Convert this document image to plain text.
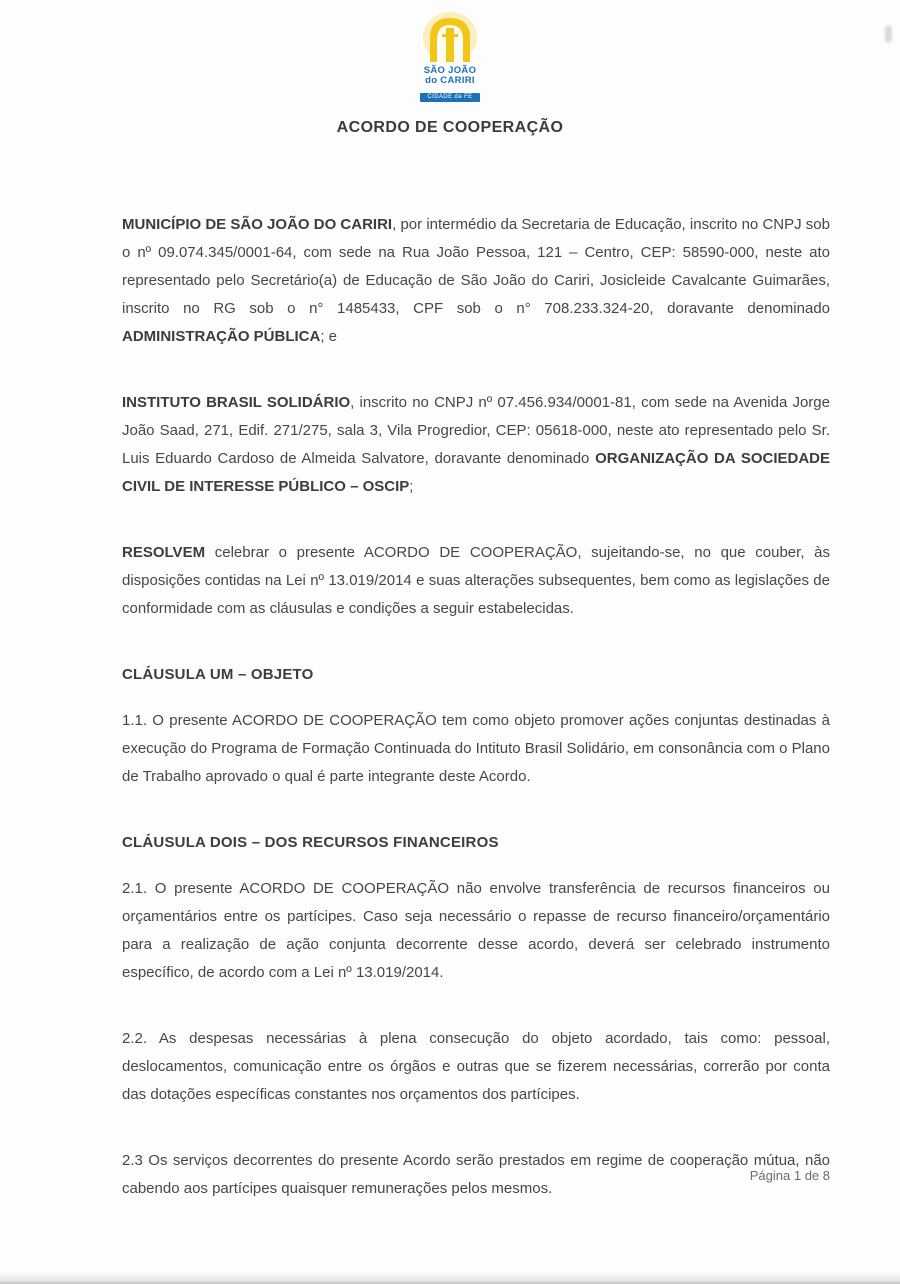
SÃO JOÃO
do CARIRI
CIDADE da FÉ
ACORDO DE COOPERAÇÃO

MUNICÍPIO DE SÃO JOÃO DO CARIRI, por intermédio da Secretaria de Educação, inscrito no CNPJ sob o nº 09.074.345/0001-64, com sede na Rua João Pessoa, 121 – Centro, CEP: 58590-000, neste ato representado pelo Secretário(a) de Educação de São João do Cariri, Josicleide Cavalcante Guimarães, inscrito no RG sob o n° 1485433, CPF sob o n° 708.233.324-20, doravante denominado ADMINISTRAÇÃO PÚBLICA; e

INSTITUTO BRASIL SOLIDÁRIO, inscrito no CNPJ nº 07.456.934/0001-81, com sede na Avenida Jorge João Saad, 271, Edif. 271/275, sala 3, Vila Progredior, CEP: 05618-000, neste ato representado pelo Sr. Luis Eduardo Cardoso de Almeida Salvatore, doravante denominado ORGANIZAÇÃO DA SOCIEDADE CIVIL DE INTERESSE PÚBLICO – OSCIP;

RESOLVEM celebrar o presente ACORDO DE COOPERAÇÃO, sujeitando-se, no que couber, às disposições contidas na Lei nº 13.019/2014 e suas alterações subsequentes, bem como as legislações de conformidade com as cláusulas e condições a seguir estabelecidas.

CLÁUSULA UM – OBJETO

1.1. O presente ACORDO DE COOPERAÇÃO tem como objeto promover ações conjuntas destinadas à execução do Programa de Formação Continuada do Intituto Brasil Solidário, em consonância com o Plano de Trabalho aprovado o qual é parte integrante deste Acordo.

CLÁUSULA DOIS – DOS RECURSOS FINANCEIROS

2.1. O presente ACORDO DE COOPERAÇÃO não envolve transferência de recursos financeiros ou orçamentários entre os partícipes. Caso seja necessário o repasse de recurso financeiro/orçamentário para a realização de ação conjunta decorrente desse acordo, deverá ser celebrado instrumento específico, de acordo com a Lei nº 13.019/2014.

2.2. As despesas necessárias à plena consecução do objeto acordado, tais como: pessoal, deslocamentos, comunicação entre os órgãos e outras que se fizerem necessárias, correrão por conta das dotações específicas constantes nos orçamentos dos partícipes.

2.3 Os serviços decorrentes do presente Acordo serão prestados em regime de cooperação mútua, não cabendo aos partícipes quaisquer remunerações pelos mesmos.

Página 1 de 8
